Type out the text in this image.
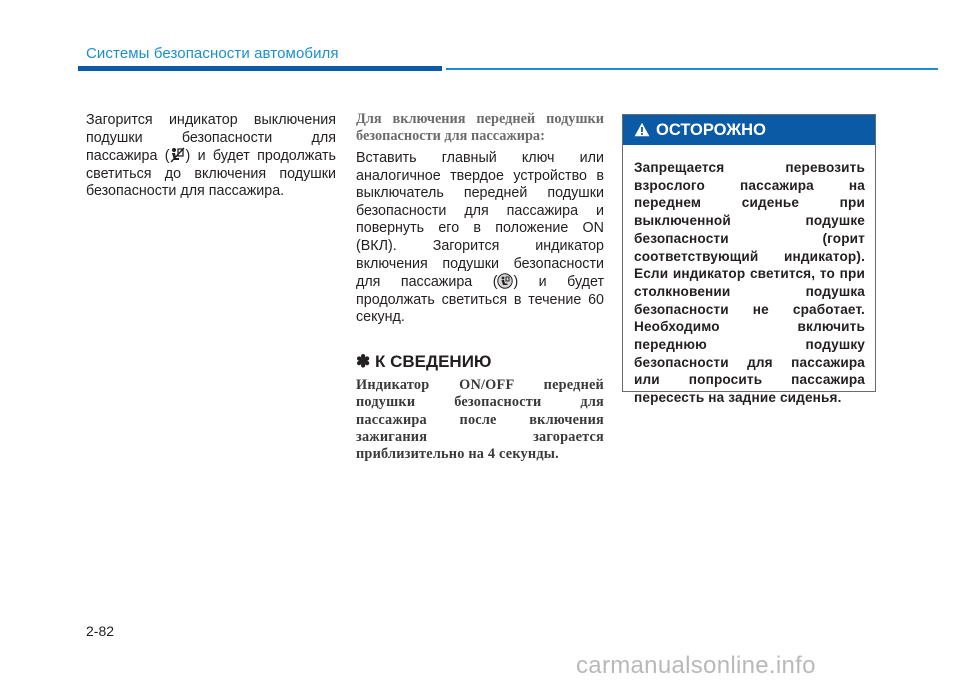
Системы безопасности автомобиля
Загорится индикатор выключения подушки безопасности для пассажира ( ) и будет продолжать светиться до включения подушки безопасности для пассажира.

Для включения передней подушки безопасности для пассажира:

Вставить главный ключ или аналогичное твердое устройство в выключатель передней подушки безопасности для пассажира и повернуть его в положение ON (ВКЛ). Загорится индикатор включения подушки безопасности для пассажира ( ) и будет продолжать светиться в течение 60 секунд.

✽ К СВЕДЕНИЮ
Индикатор ON/OFF передней подушки безопасности для пассажира после включения зажигания загорается приблизительно на 4 секунды.
ОСТОРОЖНО
Запрещается перевозить взрослого пассажира на переднем сиденье при выключенной подушке безопасности (горит соответствующий индикатор). Если индикатор светится, то при столкновении подушка безопасности не сработает. Необходимо включить переднюю подушку безопасности для пассажира или попросить пассажира пересесть на задние сиденья.
2-82
carmanualsonline.info
